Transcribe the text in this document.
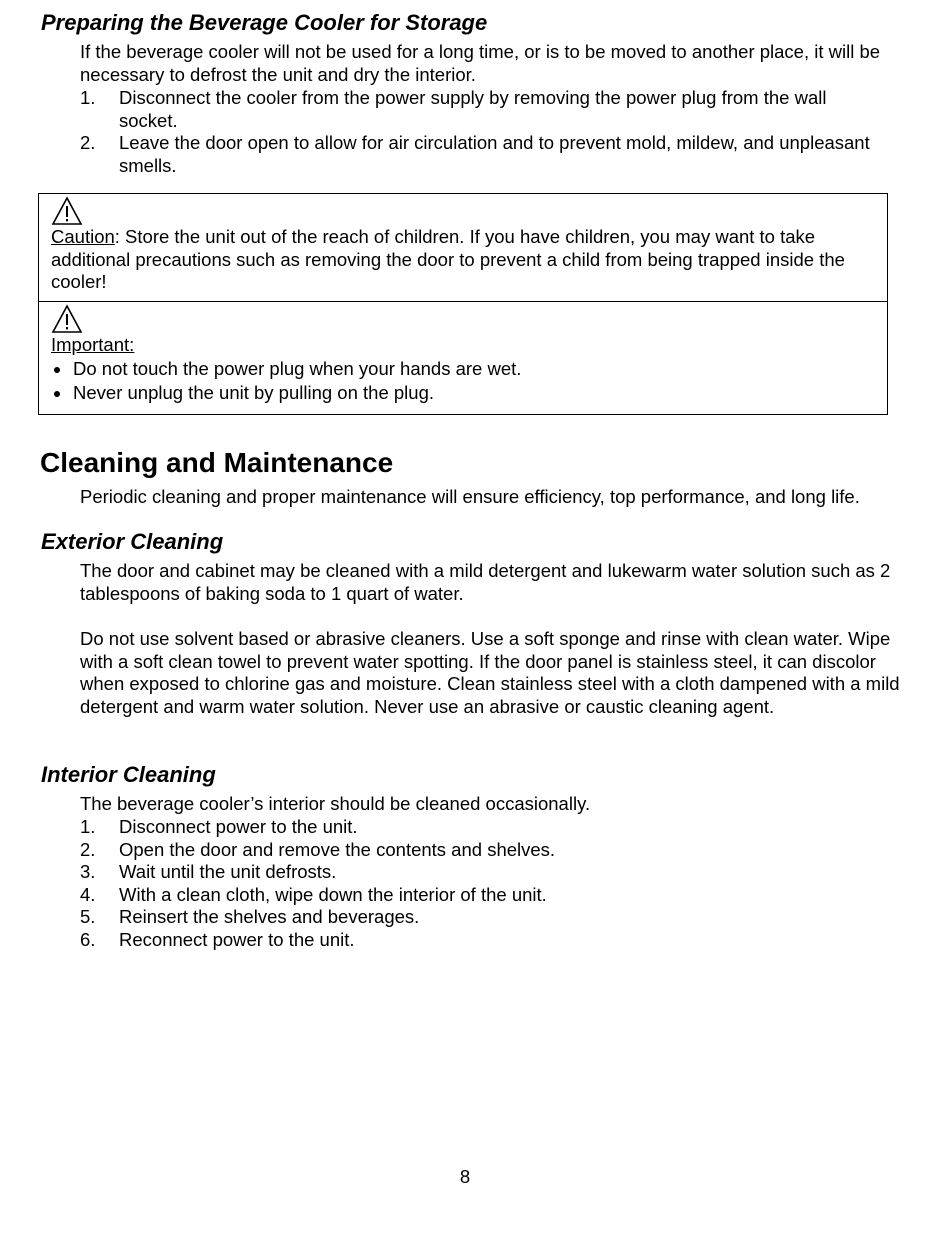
Preparing the Beverage Cooler for Storage

If the beverage cooler will not be used for a long time, or is to be moved to another place, it will be necessary to defrost the unit and dry the interior.

1. Disconnect the cooler from the power supply by removing the power plug from the wall socket.
2. Leave the door open to allow for air circulation and to prevent mold, mildew, and unpleasant smells.

Caution: Store the unit out of the reach of children. If you have children, you may want to take additional precautions such as removing the door to prevent a child from being trapped inside the cooler!

Important:

Do not touch the power plug when your hands are wet.
Never unplug the unit by pulling on the plug.
Cleaning and Maintenance

Periodic cleaning and proper maintenance will ensure efficiency, top performance, and long life.

Exterior Cleaning

The door and cabinet may be cleaned with a mild detergent and lukewarm water solution such as 2 tablespoons of baking soda to 1 quart of water.

Do not use solvent based or abrasive cleaners. Use a soft sponge and rinse with clean water. Wipe with a soft clean towel to prevent water spotting. If the door panel is stainless steel, it can discolor when exposed to chlorine gas and moisture. Clean stainless steel with a cloth dampened with a mild detergent and warm water solution. Never use an abrasive or caustic cleaning agent.

Interior Cleaning

The beverage cooler’s interior should be cleaned occasionally.

1. Disconnect power to the unit.
2. Open the door and remove the contents and shelves.
3. Wait until the unit defrosts.
4. With a clean cloth, wipe down the interior of the unit.
5. Reinsert the shelves and beverages.
6. Reconnect power to the unit.
8
